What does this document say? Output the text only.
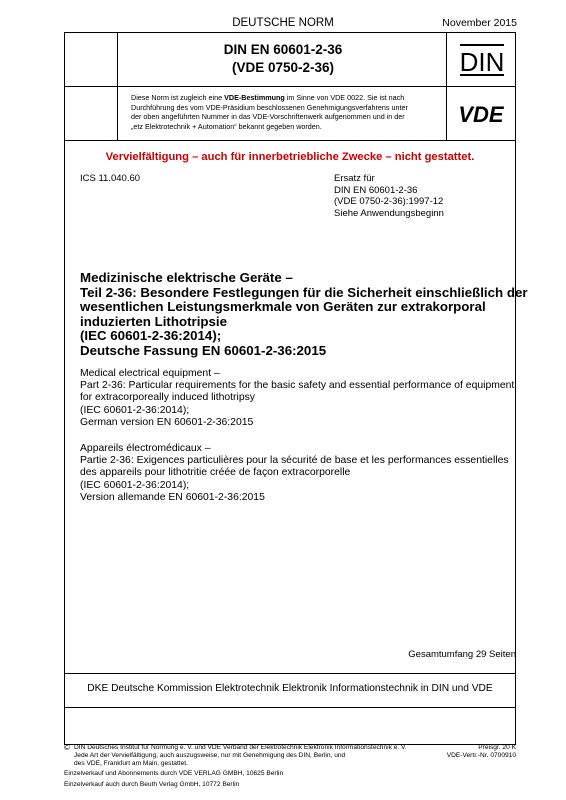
DEUTSCHE NORM	November 2015
DIN EN 60601-2-36
(VDE 0750-2-36)	DIN
Diese Norm ist zugleich eine VDE-Bestimmung im Sinne von VDE 0022. Sie ist nach
Durchführung des vom VDE-Präsidium beschlossenen Genehmigungsverfahrens unter
der oben angeführten Nummer in das VDE-Vorschriftenwerk aufgenommen und in der
„etz Elektrotechnik + Automation“ bekannt gegeben worden.	VDE
Vervielfältigung – auch für innerbetriebliche Zwecke – nicht gestattet.
ICS 11.040.60	Ersatz für
DIN EN 60601-2-36
(VDE 0750-2-36):1997-12
Siehe Anwendungsbeginn
Medizinische elektrische Geräte –
Teil 2-36: Besondere Festlegungen für die Sicherheit einschließlich der
wesentlichen Leistungsmerkmale von Geräten zur extrakorporal
induzierten Lithotripsie
(IEC 60601-2-36:2014);
Deutsche Fassung EN 60601-2-36:2015
Medical electrical equipment –
Part 2-36: Particular requirements for the basic safety and essential performance of equipment
for extracorporeally induced lithotripsy
(IEC 60601-2-36:2014);
German version EN 60601-2-36:2015
Appareils électromédicaux –
Partie 2-36: Exigences particulières pour la sécurité de base et les performances essentielles
des appareils pour lithotritie créée de façon extracorporelle
(IEC 60601-2-36:2014);
Version allemande EN 60601-2-36:2015
Gesamtumfang 29 Seiten
DKE Deutsche Kommission Elektrotechnik Elektronik Informationstechnik in DIN und VDE
© DIN Deutsches Institut für Normung e. V. und VDE Verband der Elektrotechnik Elektronik Informationstechnik e. V.
Jede Art der Vervielfältigung, auch auszugsweise, nur mit Genehmigung des DIN, Berlin, und
des VDE, Frankfurt am Main, gestattet.
Preisgr. 20 K
VDE-Vertr.-Nr. 0700910
Einzelverkauf und Abonnements durch VDE VERLAG GMBH, 10625 Berlin
Einzelverkauf auch durch Beuth Verlag GmbH, 10772 Berlin
